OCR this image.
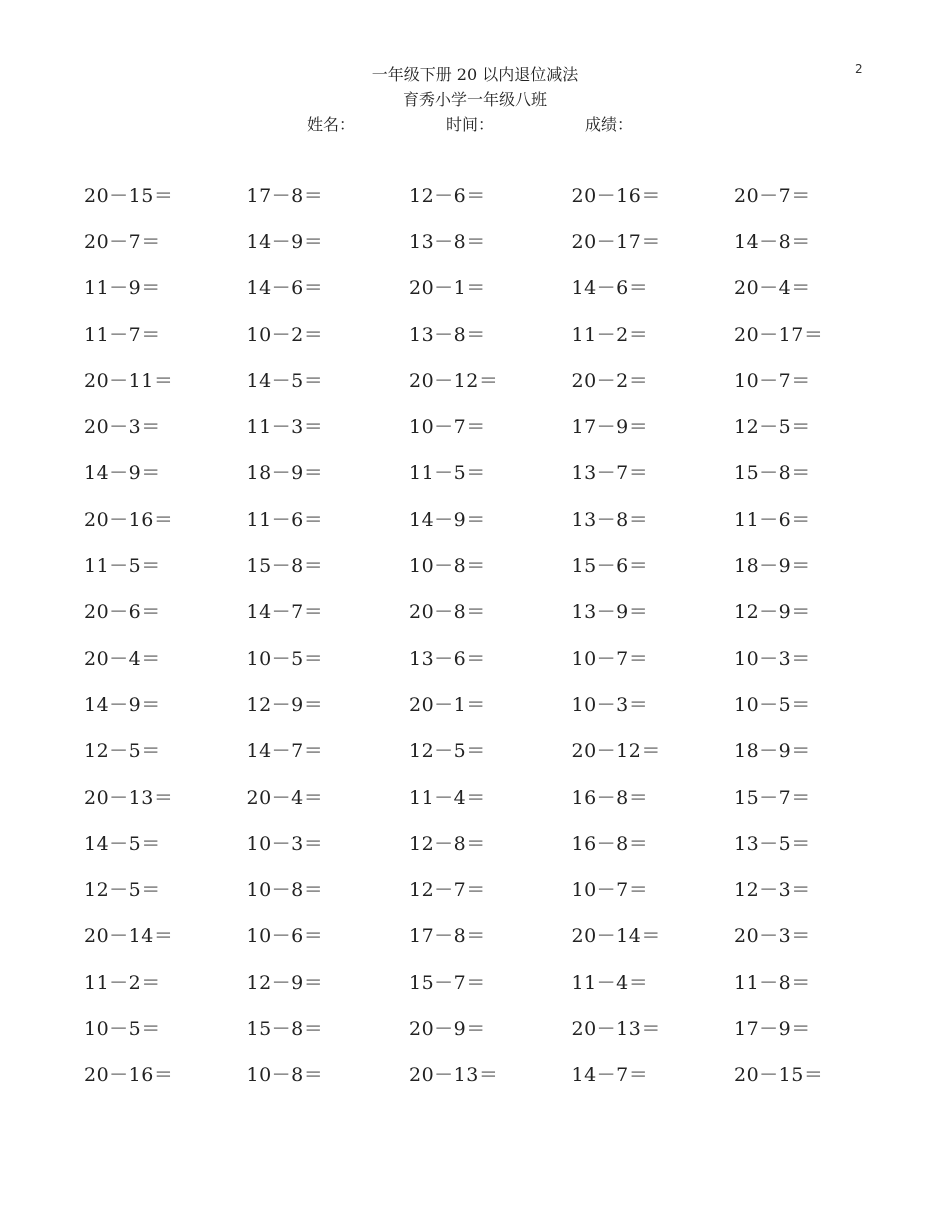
2
一年级下册 20 以内退位减法
育秀小学一年级八班
姓名：	时间：	成绩：
20－15＝	17－8＝	12－6＝	20－16＝	20－7＝
20－7＝	14－9＝	13－8＝	20－17＝	14－8＝
11－9＝	14－6＝	20－1＝	14－6＝	20－4＝
11－7＝	10－2＝	13－8＝	11－2＝	20－17＝
20－11＝	14－5＝	20－12＝	20－2＝	10－7＝
20－3＝	11－3＝	10－7＝	17－9＝	12－5＝
14－9＝	18－9＝	11－5＝	13－7＝	15－8＝
20－16＝	11－6＝	14－9＝	13－8＝	11－6＝
11－5＝	15－8＝	10－8＝	15－6＝	18－9＝
20－6＝	14－7＝	20－8＝	13－9＝	12－9＝
20－4＝	10－5＝	13－6＝	10－7＝	10－3＝
14－9＝	12－9＝	20－1＝	10－3＝	10－5＝
12－5＝	14－7＝	12－5＝	20－12＝	18－9＝
20－13＝	20－4＝	11－4＝	16－8＝	15－7＝
14－5＝	10－3＝	12－8＝	16－8＝	13－5＝
12－5＝	10－8＝	12－7＝	10－7＝	12－3＝
20－14＝	10－6＝	17－8＝	20－14＝	20－3＝
11－2＝	12－9＝	15－7＝	11－4＝	11－8＝
10－5＝	15－8＝	20－9＝	20－13＝	17－9＝
20－16＝	10－8＝	20－13＝	14－7＝	20－15＝
